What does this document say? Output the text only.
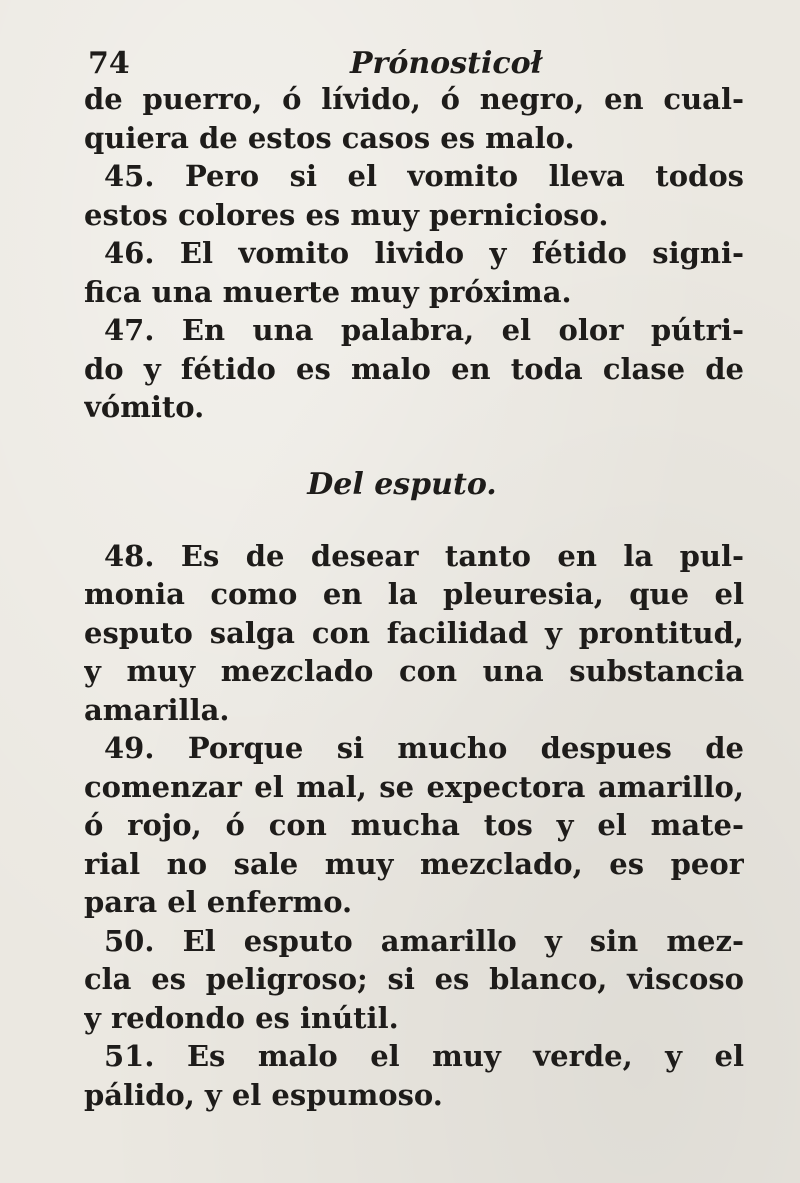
74	Prónosticoł
de puerro, ó lívido, ó negro, en cual-
quiera de estos casos es malo.
45. Pero si el vomito lleva todos
estos colores es muy pernicioso.
46. El vomito livido y fétido signi-
fica una muerte muy próxima.
47. En una palabra, el olor pútri-
do y fétido es malo en toda clase de
vómito.
Del esputo.
48. Es de desear tanto en la pul-
monia como en la pleuresia, que el
esputo salga con facilidad y prontitud,
y muy mezclado con una substancia
amarilla.
49. Porque si mucho despues de
comenzar el mal, se expectora amarillo,
ó rojo, ó con mucha tos y el mate-
rial no sale muy mezclado, es peor
para el enfermo.
50. El esputo amarillo y sin mez-
cla es peligroso; si es blanco, viscoso
y redondo es inútil.
51. Es malo el muy verde, y el
pálido, y el espumoso.
